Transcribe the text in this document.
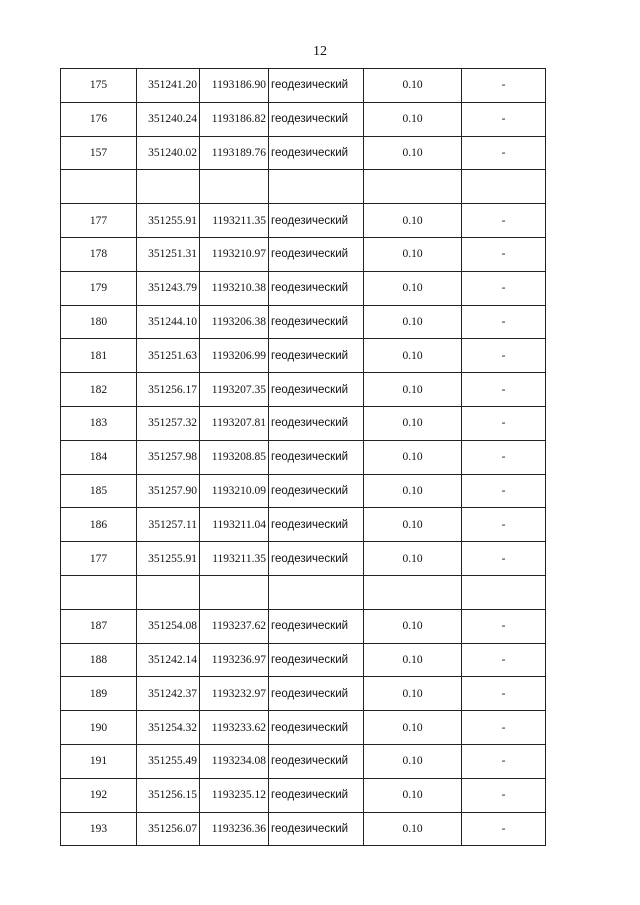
12
175	351241.20	1193186.90	геодезический	0.10	-
176	351240.24	1193186.82	геодезический	0.10	-
157	351240.02	1193189.76	геодезический	0.10	-

177	351255.91	1193211.35	геодезический	0.10	-
178	351251.31	1193210.97	геодезический	0.10	-
179	351243.79	1193210.38	геодезический	0.10	-
180	351244.10	1193206.38	геодезический	0.10	-
181	351251.63	1193206.99	геодезический	0.10	-
182	351256.17	1193207.35	геодезический	0.10	-
183	351257.32	1193207.81	геодезический	0.10	-
184	351257.98	1193208.85	геодезический	0.10	-
185	351257.90	1193210.09	геодезический	0.10	-
186	351257.11	1193211.04	геодезический	0.10	-
177	351255.91	1193211.35	геодезический	0.10	-

187	351254.08	1193237.62	геодезический	0.10	-
188	351242.14	1193236.97	геодезический	0.10	-
189	351242.37	1193232.97	геодезический	0.10	-
190	351254.32	1193233.62	геодезический	0.10	-
191	351255.49	1193234.08	геодезический	0.10	-
192	351256.15	1193235.12	геодезический	0.10	-
193	351256.07	1193236.36	геодезический	0.10	-
